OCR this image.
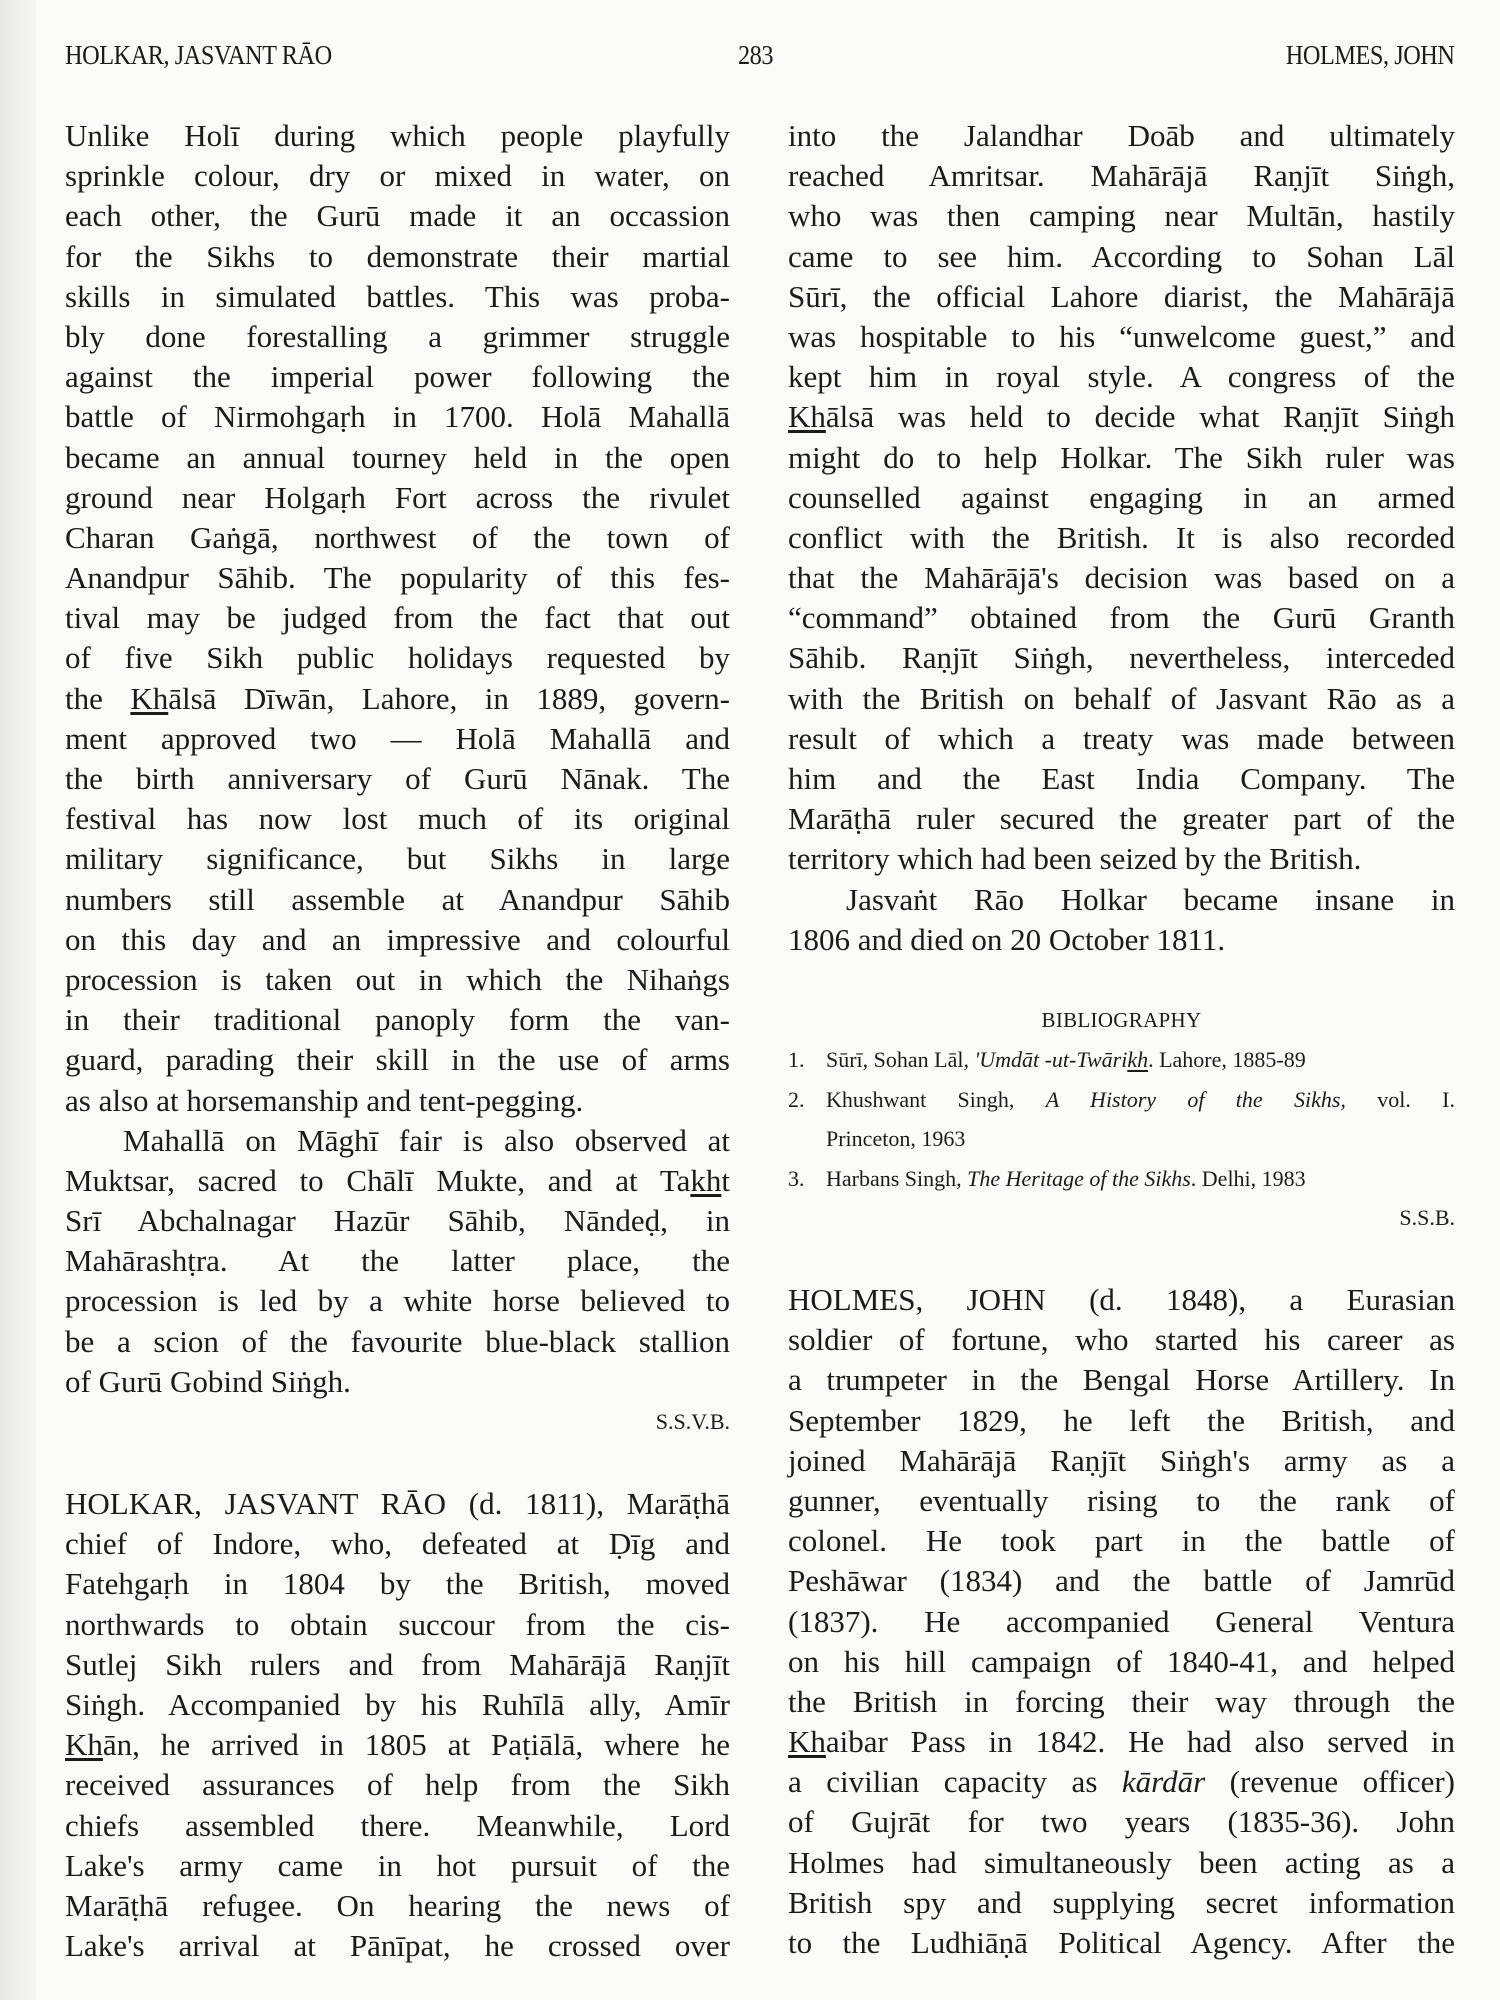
HOLKAR, JASVANT RĀO	283	HOLMES, JOHN
Unlike Holī during which people playfully
sprinkle colour, dry or mixed in water, on
each other, the Gurū made it an occassion
for the Sikhs to demonstrate their martial
skills in simulated battles. This was proba-
bly done forestalling a grimmer struggle
against the imperial power following the
battle of Nirmohgaṛh in 1700. Holā Mahallā
became an annual tourney held in the open
ground near Holgaṛh Fort across the rivulet
Charan Gaṅgā, northwest of the town of
Anandpur Sāhib. The popularity of this fes-
tival may be judged from the fact that out
of five Sikh public holidays requested by
the Khālsā Dīwān, Lahore, in 1889, govern-
ment approved two — Holā Mahallā and
the birth anniversary of Gurū Nānak. The
festival has now lost much of its original
military significance, but Sikhs in large
numbers still assemble at Anandpur Sāhib
on this day and an impressive and colourful
procession is taken out in which the Nihaṅgs
in their traditional panoply form the van-
guard, parading their skill in the use of arms
as also at horsemanship and tent-pegging.
Mahallā on Māghī fair is also observed at
Muktsar, sacred to Chālī Mukte, and at Takht
Srī Abchalnagar Hazūr Sāhib, Nāndeḍ, in
Mahārashṭra. At the latter place, the
procession is led by a white horse believed to
be a scion of the favourite blue-black stallion
of Gurū Gobind Siṅgh.
S.S.V.B.
HOLKAR, JASVANT RĀO (d. 1811), Marāṭhā
chief of Indore, who, defeated at Ḍīg and
Fatehgaṛh in 1804 by the British, moved
northwards to obtain succour from the cis-
Sutlej Sikh rulers and from Mahārājā Raṇjīt
Siṅgh. Accompanied by his Ruhīlā ally, Amīr
Khān, he arrived in 1805 at Paṭiālā, where he
received assurances of help from the Sikh
chiefs assembled there. Meanwhile, Lord
Lake's army came in hot pursuit of the
Marāṭhā refugee. On hearing the news of
Lake's arrival at Pānīpat, he crossed over
into the Jalandhar Doāb and ultimately
reached Amritsar. Mahārājā Raṇjīt Siṅgh,
who was then camping near Multān, hastily
came to see him. According to Sohan Lāl
Sūrī, the official Lahore diarist, the Mahārājā
was hospitable to his “unwelcome guest,” and
kept him in royal style. A congress of the
Khālsā was held to decide what Raṇjīt Siṅgh
might do to help Holkar. The Sikh ruler was
counselled against engaging in an armed
conflict with the British. It is also recorded
that the Mahārājā's decision was based on a
“command” obtained from the Gurū Granth
Sāhib. Raṇjīt Siṅgh, nevertheless, interceded
with the British on behalf of Jasvant Rāo as a
result of which a treaty was made between
him and the East India Company. The
Marāṭhā ruler secured the greater part of the
territory which had been seized by the British.
Jasvaṅt Rāo Holkar became insane in
1806 and died on 20 October 1811.
BIBLIOGRAPHY
1. Sūrī, Sohan Lāl, 'Umdāt -ut-Twārikh. Lahore, 1885-89
2. Khushwant Singh, A History of the Sikhs, vol. I.
Princeton, 1963
3. Harbans Singh, The Heritage of the Sikhs. Delhi, 1983
S.S.B.
HOLMES, JOHN (d. 1848), a Eurasian
soldier of fortune, who started his career as
a trumpeter in the Bengal Horse Artillery. In
September 1829, he left the British, and
joined Mahārājā Raṇjīt Siṅgh's army as a
gunner, eventually rising to the rank of
colonel. He took part in the battle of
Peshāwar (1834) and the battle of Jamrūd
(1837). He accompanied General Ventura
on his hill campaign of 1840-41, and helped
the British in forcing their way through the
Khaibar Pass in 1842. He had also served in
a civilian capacity as kārdār (revenue officer)
of Gujrāt for two years (1835-36). John
Holmes had simultaneously been acting as a
British spy and supplying secret information
to the Ludhiāṇā Political Agency. After the
